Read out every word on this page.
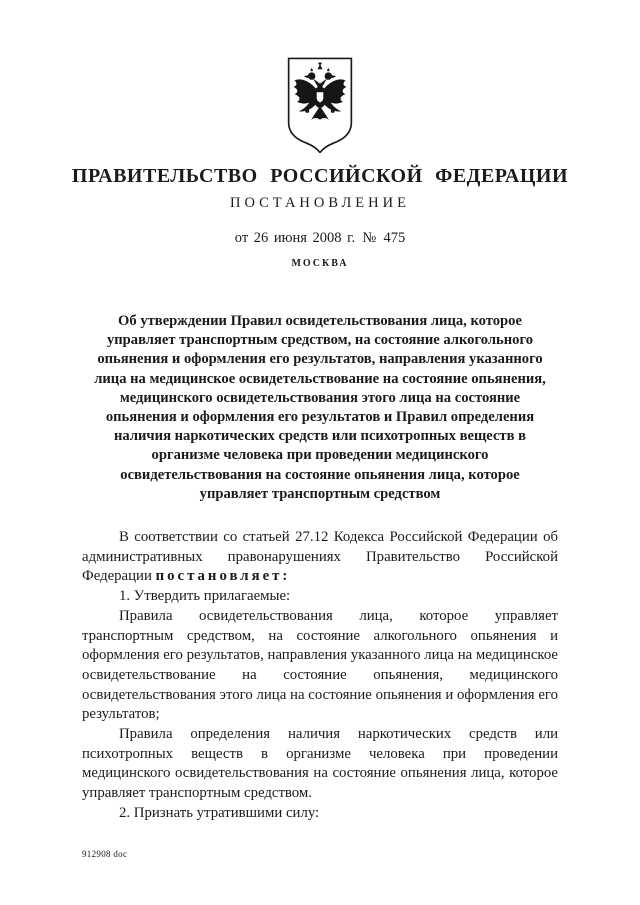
ПРАВИТЕЛЬСТВО РОССИЙСКОЙ ФЕДЕРАЦИИ
ПОСТАНОВЛЕНИЕ
от 26 июня 2008 г. № 475
МОСКВА
Об утверждении Правил освидетельствования лица, которое управляет транспортным средством, на состояние алкогольного опьянения и оформления его результатов, направления указанного лица на медицинское освидетельствование на состояние опьянения, медицинского освидетельствования этого лица на состояние опьянения и оформления его результатов и Правил определения наличия наркотических средств или психотропных веществ в организме человека при проведении медицинского освидетельствования на состояние опьянения лица, которое управляет транспортным средством

В соответствии со статьей 27.12 Кодекса Российской Федерации об административных правонарушениях Правительство Российской Федерации постановляет:

1. Утвердить прилагаемые:

Правила освидетельствования лица, которое управляет транспортным средством, на состояние алкогольного опьянения и оформления его результатов, направления указанного лица на медицинское освидетельствование на состояние опьянения, медицинского освидетельствования этого лица на состояние опьянения и оформления его результатов;

Правила определения наличия наркотических средств или психотропных веществ в организме человека при проведении медицинского освидетельствования на состояние опьянения лица, которое управляет транспортным средством.

2. Признать утратившими силу:

912908 doc
